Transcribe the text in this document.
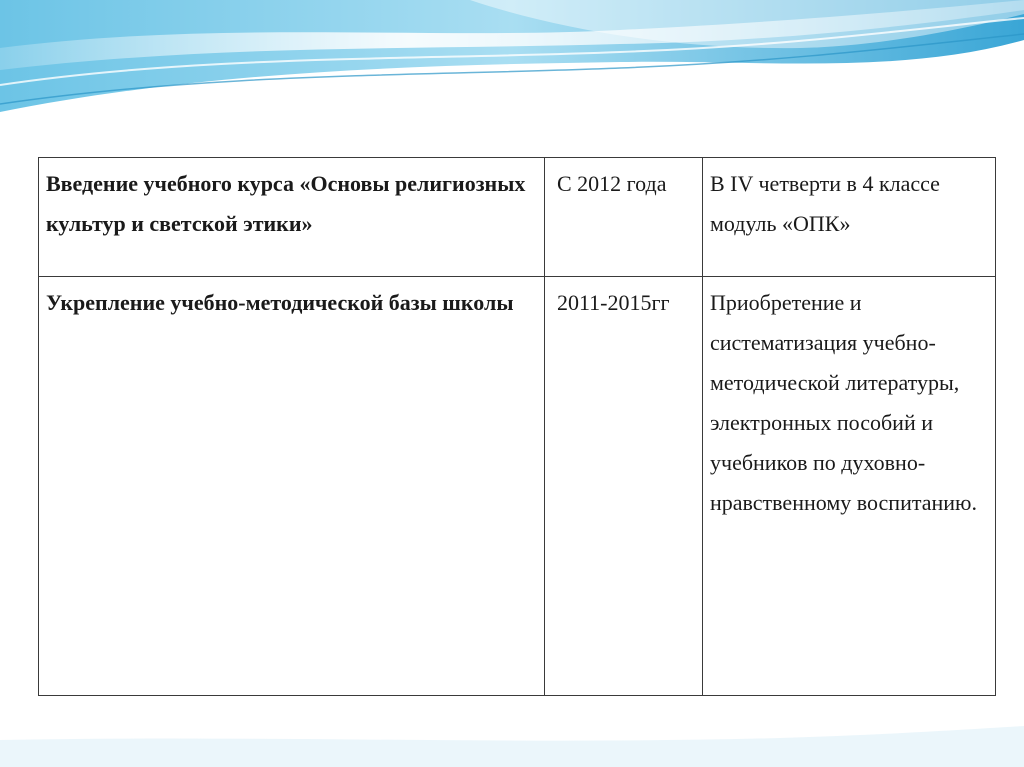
Введение учебного курса «Основы религиозных культур и светской этики»	С 2012 года	В IV четверти в 4 классе модуль «ОПК»
Укрепление учебно-методической базы школы	2011-2015гг	Приобретение и систематизация учебно-методической литературы, электронных пособий и учебников по духовно-нравственному воспитанию.
